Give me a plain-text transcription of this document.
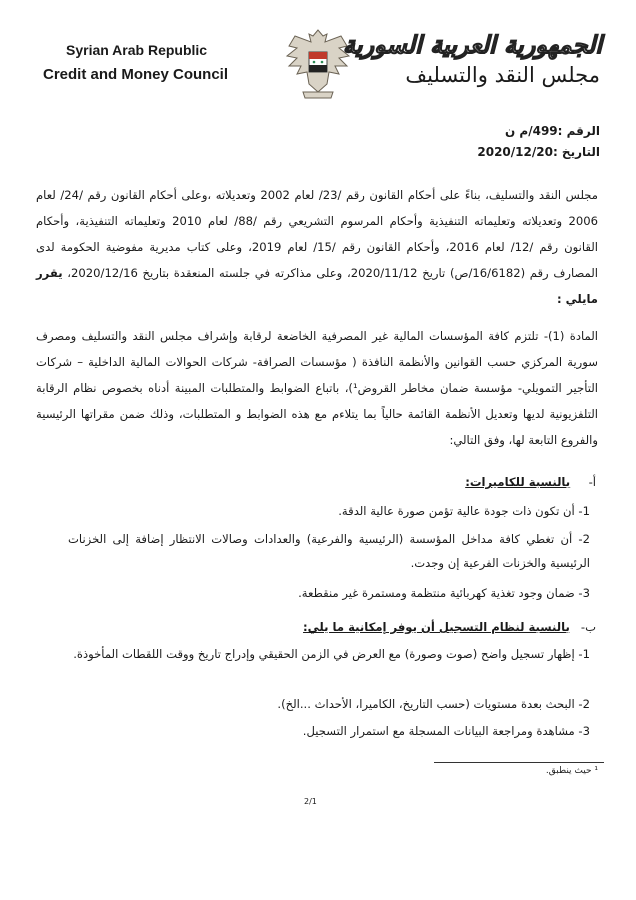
Syrian Arab Republic
Credit and Money Council
الجمهورية العربية السورية
مجلس النقد والتسليف
الرقم :499/م ن
التاريخ :2020/12/20
مجلس النقد والتسليف، بناءً على أحكام القانون رقم /23/ لعام 2002 وتعديلاته ،وعلى أحكام القانون رقم /24/ لعام 2006 وتعديلاته وتعليماته التنفيذية وأحكام المرسوم التشريعي رقم /88/ لعام 2010 وتعليماته التنفيذية، وأحكام القانون رقم /12/ لعام 2016، وأحكام القانون رقم /15/ لعام 2019، وعلى كتاب مديرية مفوضية الحكومة لدى المصارف رقم (16/6182/ص) تاريخ 2020/11/12، وعلى مذاكرته في جلسته المنعقدة بتاريخ 2020/12/16، يقرر مايلي :
المادة (1)- تلتزم كافة المؤسسات المالية غير المصرفية الخاضعة لرقابة وإشراف مجلس النقد والتسليف ومصرف سورية المركزي حسب القوانين والأنظمة النافذة ( مؤسسات الصرافة- شركات الحوالات المالية الداخلية – شركات التأجير التمويلي- مؤسسة ضمان مخاطر القروض¹)، باتباع الضوابط والمتطلبات المبينة أدناه بخصوص نظام الرقابة التلفزيونية لديها وتعديل الأنظمة القائمة حالياً بما يتلاءم مع هذه الضوابط و المتطلبات، وذلك ضمن مقراتها الرئيسية والفروع التابعة لها، وفق التالي:
أ-     بالنسبة للكاميرات:
1- أن تكون ذات جودة عالية تؤمن صورة عالية الدقة.
2- أن تغطي كافة مداخل المؤسسة (الرئيسية والفرعية) والعدادات وصالات الانتظار إضافة إلى الخزنات الرئيسية والخزنات الفرعية إن وجدت.
3- ضمان وجود تغذية كهربائية منتظمة ومستمرة غير منقطعة.
ب-   بالنسبة لنظام التسجيل أن يوفر إمكانية ما يلي:
1- إظهار تسجيل واضح (صوت وصورة) مع العرض في الزمن الحقيقي وإدراج تاريخ ووقت اللقطات المأخوذة.
2- البحث بعدة مستويات (حسب التاريخ، الكاميرا، الأحداث ...الخ).
3- مشاهدة ومراجعة البيانات المسجلة مع استمرار التسجيل.
¹ حيث ينطبق.
2/1
